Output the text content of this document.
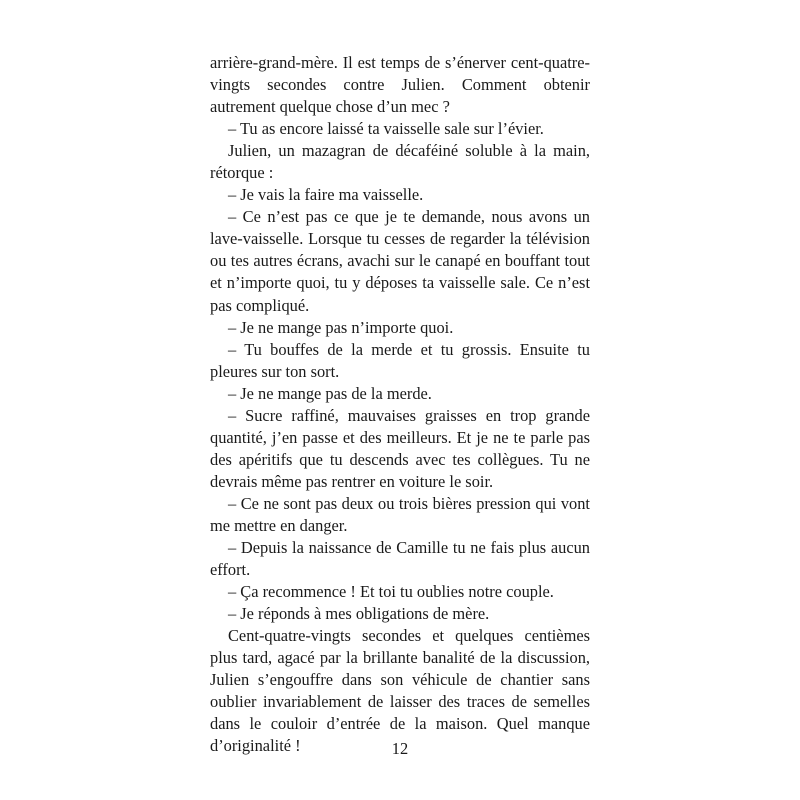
arrière-grand-mère. Il est temps de s’énerver cent-quatre-vingts secondes contre Julien. Comment obtenir autrement quelque chose d’un mec ?

– Tu as encore laissé ta vaisselle sale sur l’évier.

Julien, un mazagran de décaféiné soluble à la main, rétorque :

– Je vais la faire ma vaisselle.

– Ce n’est pas ce que je te demande, nous avons un lave-vaisselle. Lorsque tu cesses de regarder la télévision ou tes autres écrans, avachi sur le canapé en bouffant tout et n’importe quoi, tu y déposes ta vaisselle sale. Ce n’est pas compliqué.

– Je ne mange pas n’importe quoi.

– Tu bouffes de la merde et tu grossis. Ensuite tu pleures sur ton sort.

– Je ne mange pas de la merde.

– Sucre raffiné, mauvaises graisses en trop grande quantité, j’en passe et des meilleurs. Et je ne te parle pas des apéritifs que tu descends avec tes collègues. Tu ne devrais même pas rentrer en voiture le soir.

– Ce ne sont pas deux ou trois bières pression qui vont me mettre en danger.

– Depuis la naissance de Camille tu ne fais plus aucun effort.

– Ça recommence ! Et toi tu oublies notre couple.

– Je réponds à mes obligations de mère.

Cent-quatre-vingts secondes et quelques centièmes plus tard, agacé par la brillante banalité de la discussion, Julien s’engouffre dans son véhicule de chantier sans oublier invariablement de laisser des traces de semelles dans le couloir d’entrée de la maison. Quel manque d’originalité !	12
